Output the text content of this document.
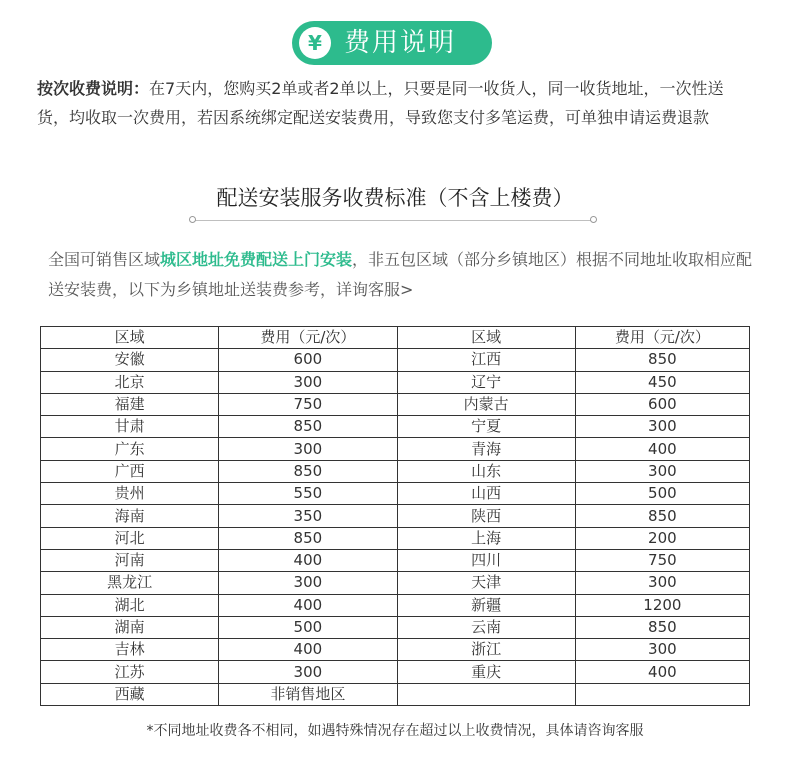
¥ 费用说明
按次收费说明：在7天内，您购买2单或者2单以上，只要是同一收货人，同一收货地址，一次性送货，均收取一次费用，若因系统绑定配送安装费用，导致您支付多笔运费，可单独申请运费退款
配送安装服务收费标准（不含上楼费）
全国可销售区域城区地址免费配送上门安装，非五包区域（部分乡镇地区）根据不同地址收取相应配送安装费，以下为乡镇地址送装费参考，详询客服>
区域	费用（元/次）	区域	费用（元/次）
安徽	600	江西	850
北京	300	辽宁	450
福建	750	内蒙古	600
甘肃	850	宁夏	300
广东	300	青海	400
广西	850	山东	300
贵州	550	山西	500
海南	350	陕西	850
河北	850	上海	200
河南	400	四川	750
黑龙江	300	天津	300
湖北	400	新疆	1200
湖南	500	云南	850
吉林	400	浙江	300
江苏	300	重庆	400
西藏	非销售地区		
*不同地址收费各不相同，如遇特殊情况存在超过以上收费情况，具体请咨询客服
